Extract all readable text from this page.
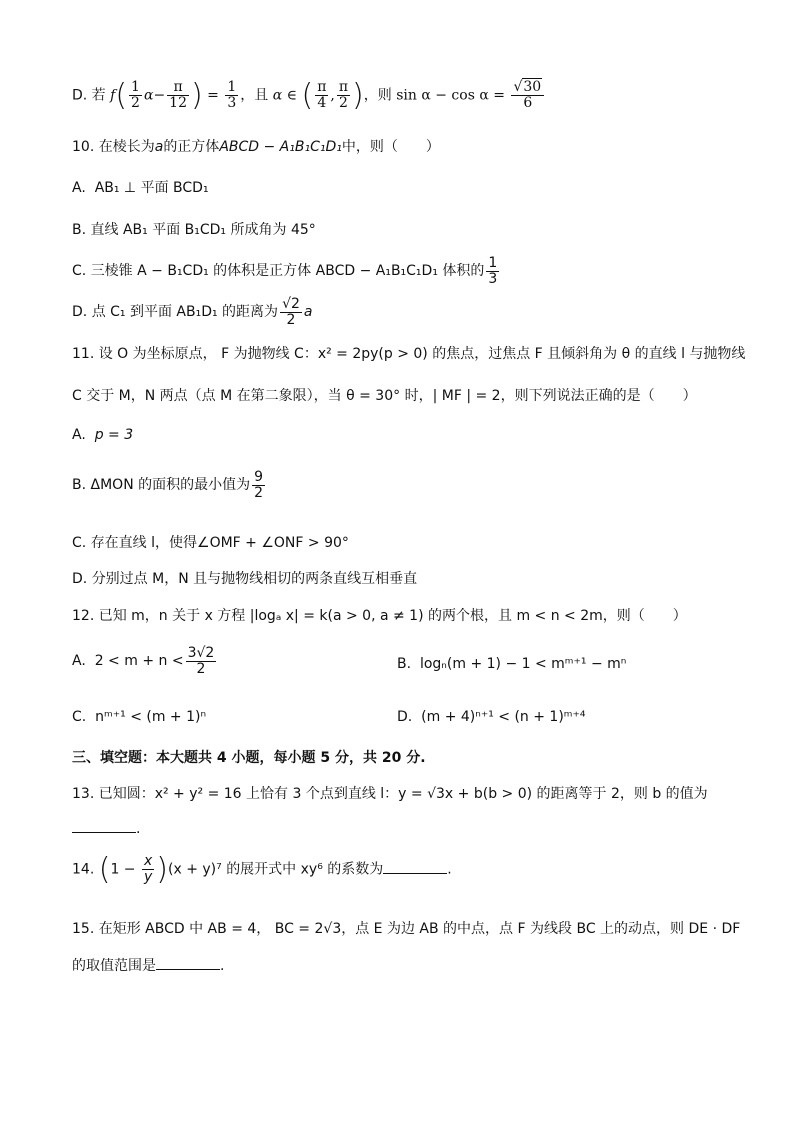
D. 若 $f( \frac{1}{2} \alpha- \frac{\pi}{12}$ ) = $\frac{1}{3}$ ，且 α ∈ ( $\frac{\pi}{4}$ , $\frac{\pi}{2}$ )，则 $\sin \alpha - \cos \alpha = \frac{√30}{6}$
10. 在棱长为a的正方体ABCD − A₁B₁C₁D₁中，则（　　）
A. AB₁ ⊥ 平面 BCD₁
B. 直线 AB₁ 平面 B₁CD₁ 所成角为 45°
C. 三棱锥 A − B₁CD₁ 的体积是正方体 ABCD − A₁B₁C₁D₁ 体积的 $\frac{1}{3}$
D. 点 C₁ 到平面 AB₁D₁ 的距离为 $\frac{√2}{2}$ a
11. 设 O 为坐标原点， F 为抛物线 C：x² = 2py(p > 0) 的焦点，过焦点 F 且倾斜角为 θ 的直线 l 与抛物线
C 交于 M，N 两点（点 M 在第二象限），当 θ = 30° 时，| MF | = 2，则下列说法正确的是（　　）
A. p = 3
B. ΔMON 的面积的最小值为 $\frac{9}{2}$
C. 存在直线 l，使得∠OMF + ∠ONF > 90°
D. 分别过点 M，N 且与抛物线相切的两条直线互相垂直
12. 已知 m，n 关于 x 方程 |logₐ x| = k(a > 0, a ≠ 1) 的两个根，且 m < n < 2m，则（　　）
A. $2 < m + n < \frac{3√2}{2}$	B. logₙ(m + 1) − 1 < mᵐ⁺¹ − mⁿ
C. nᵐ⁺¹ < (m + 1)ⁿ	D. (m + 4)ⁿ⁺¹ < (n + 1)ᵐ⁺⁴
三、填空题：本大题共 4 小题，每小题 5 分，共 20 分.
13. 已知圆：x² + y² = 16 上恰有 3 个点到直线 l：y = √3x + b(b > 0) 的距离等于 2，则 b 的值为
.
14. $(1 - \frac{x}{y} )(x + y)^7$ 的展开式中 xy⁶ 的系数为	.
15. 在矩形 ABCD 中 AB = 4， BC = 2√3，点 E 为边 AB 的中点，点 F 为线段 BC 上的动点，则 DE · DF
的取值范围是	.
